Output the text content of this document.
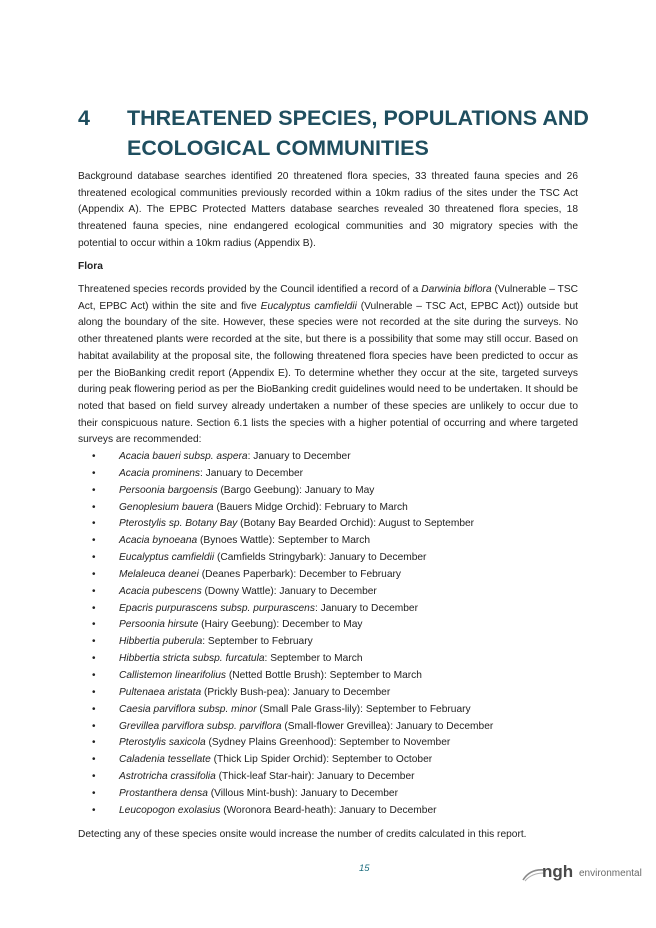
4 THREATENED SPECIES, POPULATIONS AND ECOLOGICAL COMMUNITIES

Background database searches identified 20 threatened flora species, 33 threated fauna species and 26 threatened ecological communities previously recorded within a 10km radius of the sites under the TSC Act (Appendix A). The EPBC Protected Matters database searches revealed 30 threatened flora species, 18 threatened fauna species, nine endangered ecological communities and 30 migratory species with the potential to occur within a 10km radius (Appendix B).

Flora

Threatened species records provided by the Council identified a record of a Darwinia biflora (Vulnerable – TSC Act, EPBC Act) within the site and five Eucalyptus camfieldii (Vulnerable – TSC Act, EPBC Act)) outside but along the boundary of the site. However, these species were not recorded at the site during the surveys. No other threatened plants were recorded at the site, but there is a possibility that some may still occur. Based on habitat availability at the proposal site, the following threatened flora species have been predicted to occur as per the BioBanking credit report (Appendix E). To determine whether they occur at the site, targeted surveys during peak flowering period as per the BioBanking credit guidelines would need to be undertaken. It should be noted that based on field survey already undertaken a number of these species are unlikely to occur due to their conspicuous nature. Section 6.1 lists the species with a higher potential of occurring and where targeted surveys are recommended:

• Acacia baueri subsp. aspera: January to December
• Acacia prominens: January to December
• Persoonia bargoensis (Bargo Geebung): January to May
• Genoplesium bauera (Bauers Midge Orchid): February to March
• Pterostylis sp. Botany Bay (Botany Bay Bearded Orchid): August to September
• Acacia bynoeana (Bynoes Wattle): September to March
• Eucalyptus camfieldii (Camfields Stringybark): January to December
• Melaleuca deanei (Deanes Paperbark): December to February
• Acacia pubescens (Downy Wattle): January to December
• Epacris purpurascens subsp. purpurascens: January to December
• Persoonia hirsute (Hairy Geebung): December to May
• Hibbertia puberula: September to February
• Hibbertia stricta subsp. furcatula: September to March
• Callistemon linearifolius (Netted Bottle Brush): September to March
• Pultenaea aristata (Prickly Bush-pea): January to December
• Caesia parviflora subsp. minor (Small Pale Grass-lily): September to February
• Grevillea parviflora subsp. parviflora (Small-flower Grevillea): January to December
• Pterostylis saxicola (Sydney Plains Greenhood): September to November
• Caladenia tessellate (Thick Lip Spider Orchid): September to October
• Astrotricha crassifolia (Thick-leaf Star-hair): January to December
• Prostanthera densa (Villous Mint-bush): January to December
• Leucopogon exolasius (Woronora Beard-heath): January to December

Detecting any of these species onsite would increase the number of credits calculated in this report.

15	ngh environmental
